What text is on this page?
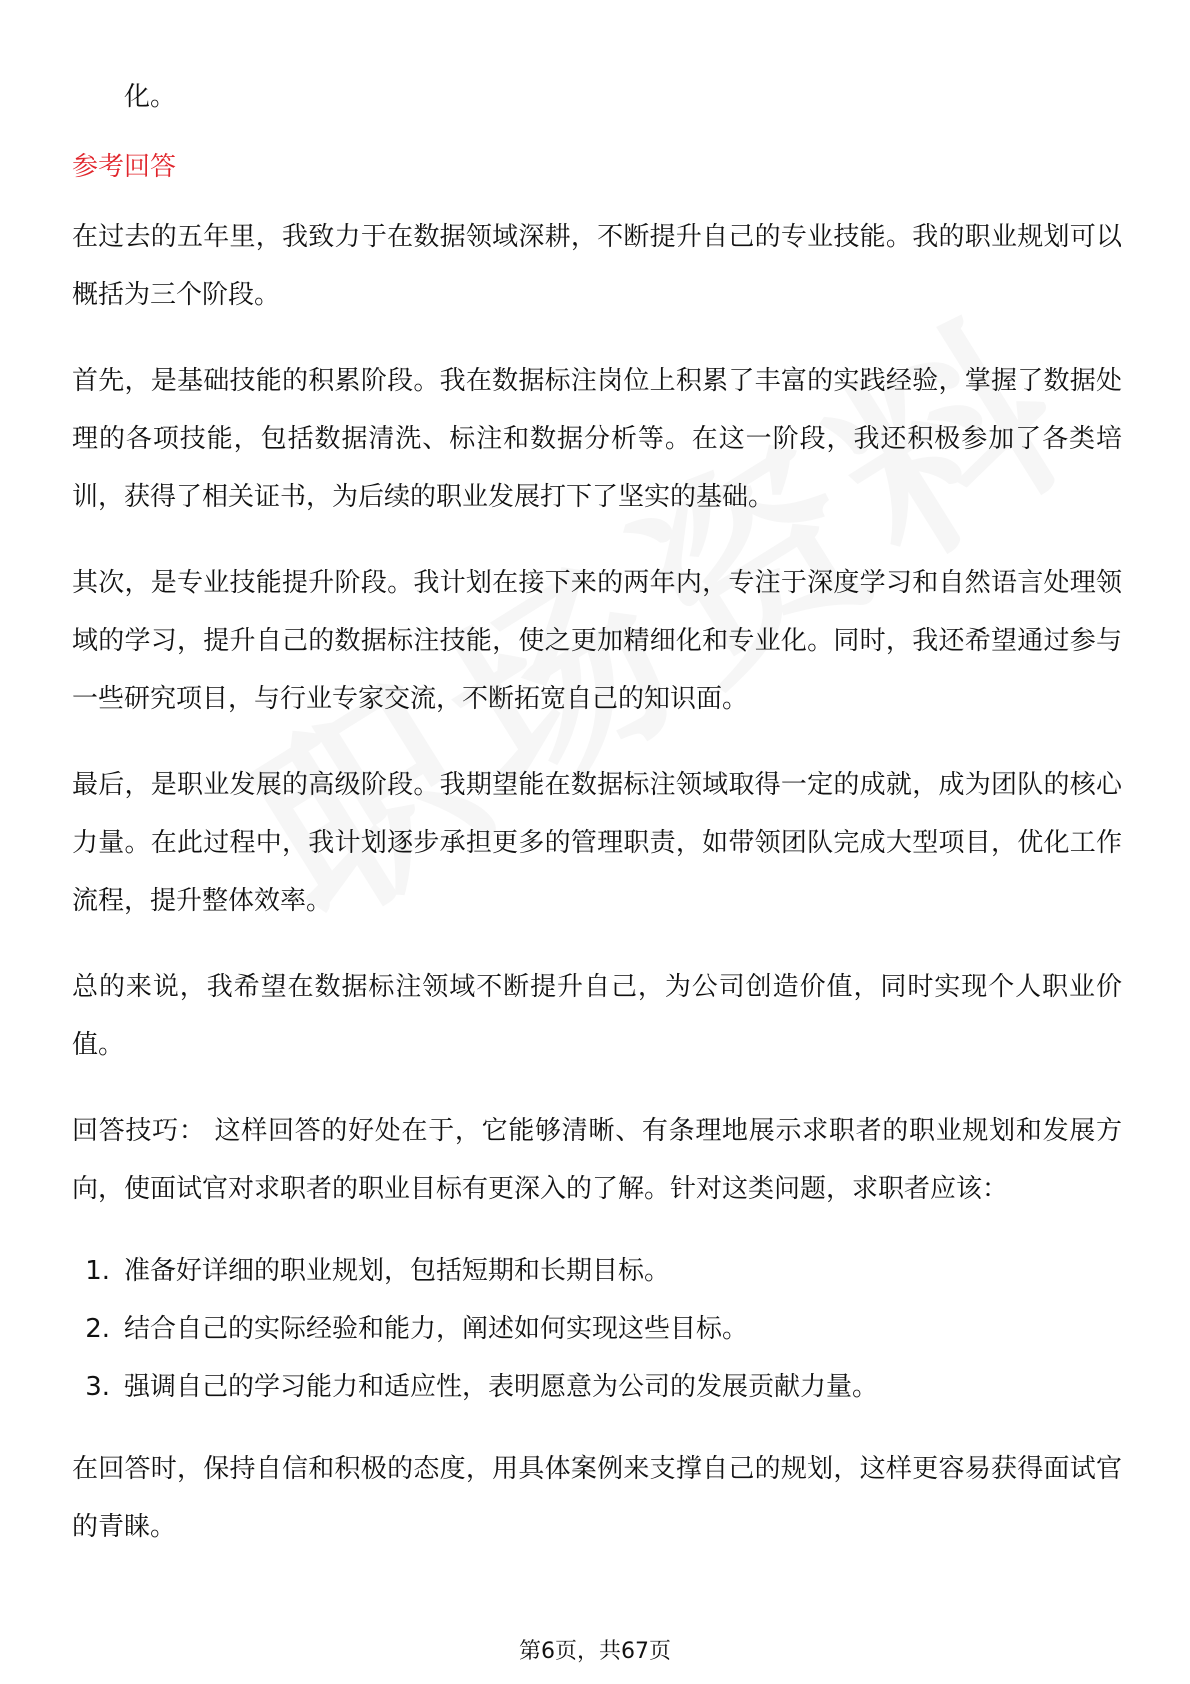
化。

参考回答

在过去的五年里，我致力于在数据领域深耕，不断提升自己的专业技能。我的职业规划可以概括为三个阶段。

首先，是基础技能的积累阶段。我在数据标注岗位上积累了丰富的实践经验，掌握了数据处理的各项技能，包括数据清洗、标注和数据分析等。在这一阶段，我还积极参加了各类培训，获得了相关证书，为后续的职业发展打下了坚实的基础。

其次，是专业技能提升阶段。我计划在接下来的两年内，专注于深度学习和自然语言处理领域的学习，提升自己的数据标注技能，使之更加精细化和专业化。同时，我还希望通过参与一些研究项目，与行业专家交流，不断拓宽自己的知识面。

最后，是职业发展的高级阶段。我期望能在数据标注领域取得一定的成就，成为团队的核心力量。在此过程中，我计划逐步承担更多的管理职责，如带领团队完成大型项目，优化工作流程，提升整体效率。

总的来说，我希望在数据标注领域不断提升自己，为公司创造价值，同时实现个人职业价值。

回答技巧： 这样回答的好处在于，它能够清晰、有条理地展示求职者的职业规划和发展方向，使面试官对求职者的职业目标有更深入的了解。针对这类问题，求职者应该：

1. 准备好详细的职业规划，包括短期和长期目标。
2. 结合自己的实际经验和能力，阐述如何实现这些目标。
3. 强调自己的学习能力和适应性，表明愿意为公司的发展贡献力量。

在回答时，保持自信和积极的态度，用具体案例来支撑自己的规划，这样更容易获得面试官的青睐。

第6页，共67页
